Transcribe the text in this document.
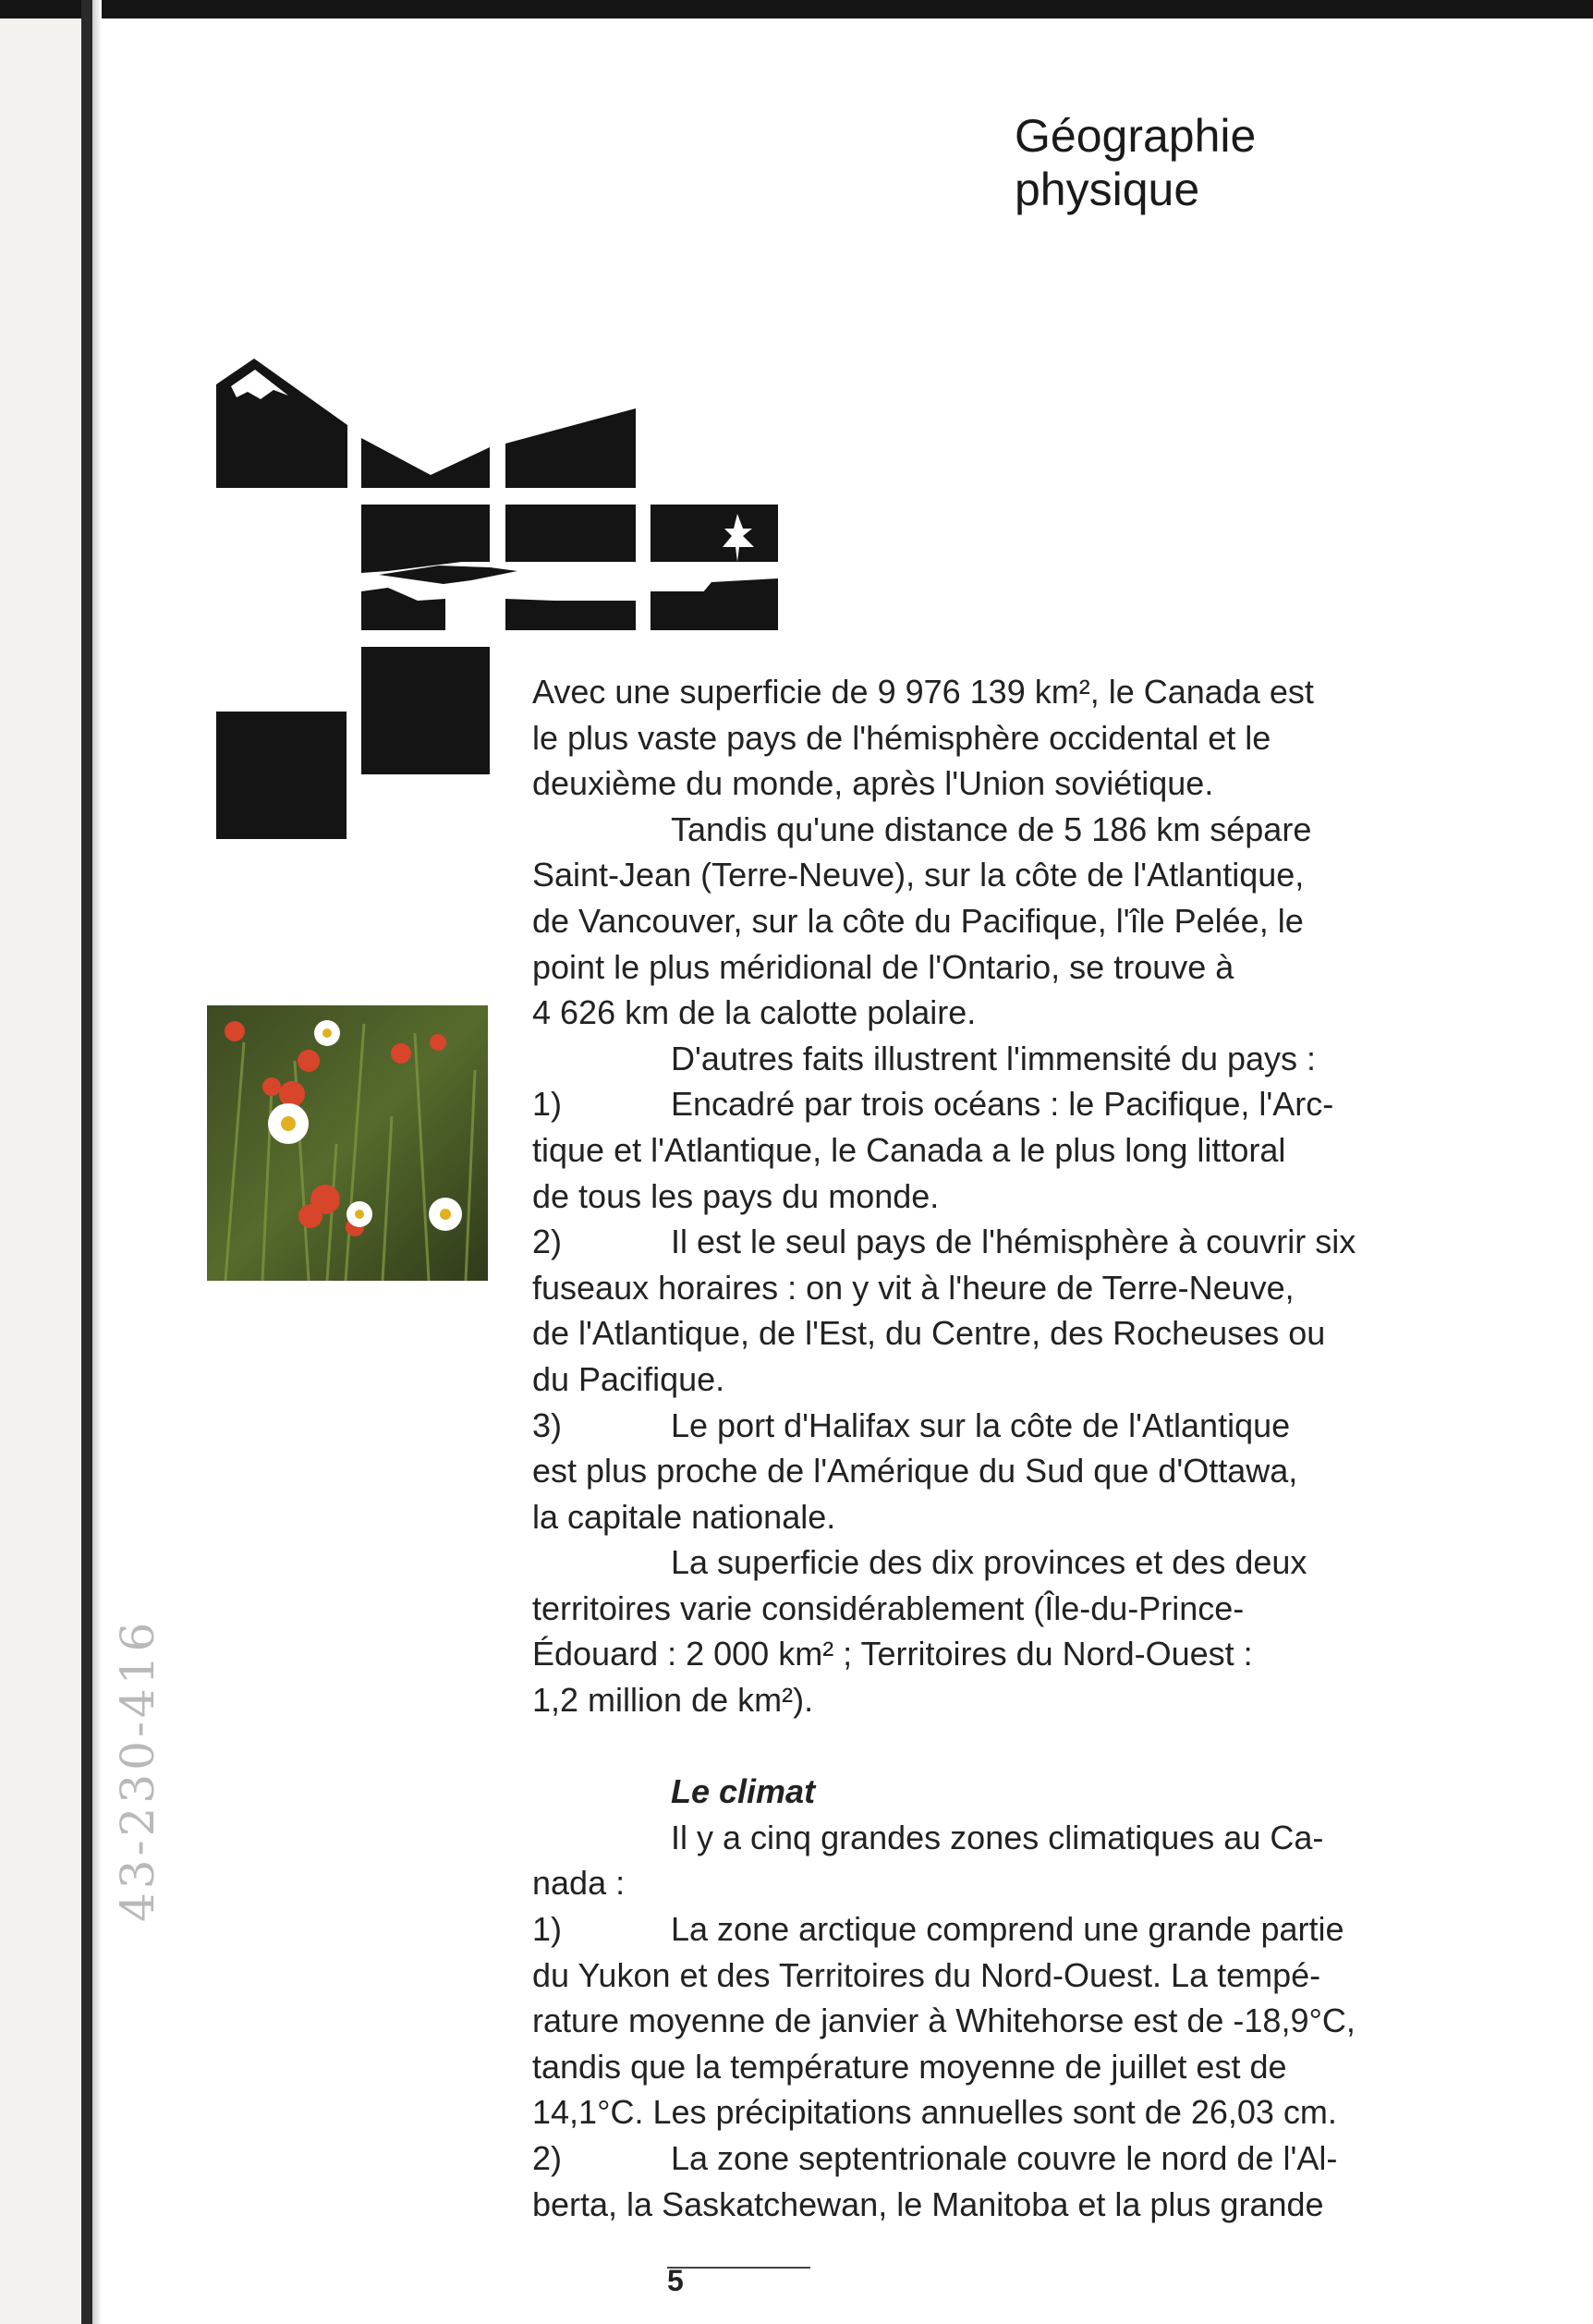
43-230-416
Géographie
physique
Avec une superficie de 9 976 139 km², le Canada est
le plus vaste pays de l'hémisphère occidental et le
deuxième du monde, après l'Union soviétique.
Tandis qu'une distance de 5 186 km sépare
Saint-Jean (Terre-Neuve), sur la côte de l'Atlantique,
de Vancouver, sur la côte du Pacifique, l'île Pelée, le
point le plus méridional de l'Ontario, se trouve à
4 626 km de la calotte polaire.
D'autres faits illustrent l'immensité du pays :
1)	Encadré par trois océans : le Pacifique, l'Arc-
tique et l'Atlantique, le Canada a le plus long littoral
de tous les pays du monde.
2)	Il est le seul pays de l'hémisphère à couvrir six
fuseaux horaires : on y vit à l'heure de Terre-Neuve,
de l'Atlantique, de l'Est, du Centre, des Rocheuses ou
du Pacifique.
3)	Le port d'Halifax sur la côte de l'Atlantique
est plus proche de l'Amérique du Sud que d'Ottawa,
la capitale nationale.
La superficie des dix provinces et des deux
territoires varie considérablement (Île-du-Prince-
Édouard : 2 000 km² ; Territoires du Nord-Ouest :
1,2 million de km²).
Le climat
Il y a cinq grandes zones climatiques au Ca-
nada :
1)	La zone arctique comprend une grande partie
du Yukon et des Territoires du Nord-Ouest. La tempé-
rature moyenne de janvier à Whitehorse est de -18,9°C,
tandis que la température moyenne de juillet est de
14,1°C. Les précipitations annuelles sont de 26,03 cm.
2)	La zone septentrionale couvre le nord de l'Al-
berta, la Saskatchewan, le Manitoba et la plus grande
5
